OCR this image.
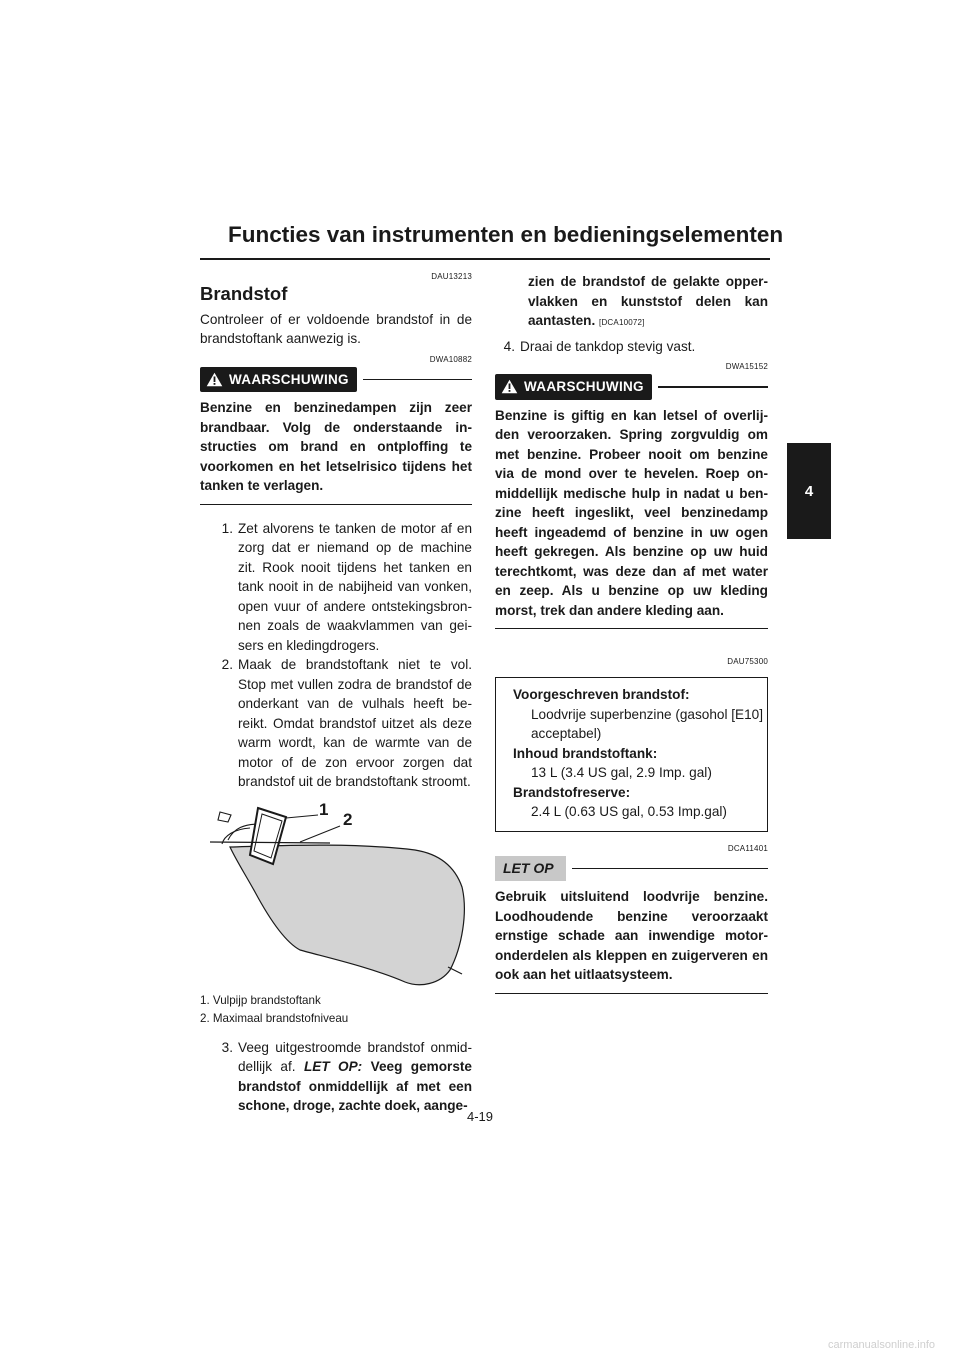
Functies van instrumenten en bedieningselementen
4
DAU13213
Brandstof

Controleer of er voldoende brandstof in de brandstoftank aanwezig is.

DWA10882
WAARSCHUWING
Benzine en benzinedampen zijn zeer brandbaar. Volg de onderstaande in-structies om brand en ontploffing te voorkomen en het letselrisico tijdens het tanken te verlagen.
1. Zet alvorens te tanken de motor af en zorg dat er niemand op de machine zit. Rook nooit tijdens het tanken en tank nooit in de nabijheid van vonken, open vuur of andere ontstekingsbron-nen zoals de waakvlammen van gei-sers en kledingdrogers.
2. Maak de brandstoftank niet te vol. Stop met vullen zodra de brandstof de onderkant van de vulhals heeft be-reikt. Omdat brandstof uitzet als deze warm wordt, kan de warmte van de motor of de zon ervoor zorgen dat brandstof uit de brandstoftank stroomt.
1
2
1. Vulpijp brandstoftank
2. Maximaal brandstofniveau
3. Veeg uitgestroomde brandstof onmid-dellijk af. LET OP: Veeg gemorste brandstof onmiddellijk af met een schone, droge, zachte doek, aange-
zien de brandstof de gelakte opper-vlakken en kunststof delen kan aantasten. [DCA10072]
4. Draai de tankdop stevig vast.
DWA15152
WAARSCHUWING
Benzine is giftig en kan letsel of overlij-den veroorzaken. Spring zorgvuldig om met benzine. Probeer nooit om benzine via de mond over te hevelen. Roep on-middellijk medische hulp in nadat u ben-zine heeft ingeslikt, veel benzinedamp heeft ingeademd of benzine in uw ogen heeft gekregen. Als benzine op uw huid terechtkomt, was deze dan af met water en zeep. Als u benzine op uw kleding morst, trek dan andere kleding aan.
DAU75300
Voorgeschreven brandstof:
Loodvrije superbenzine (gasohol [E10] acceptabel)
Inhoud brandstoftank:
13 L (3.4 US gal, 2.9 Imp. gal)
Brandstofreserve:
2.4 L (0.63 US gal, 0.53 Imp.gal)
DCA11401
LET OP
Gebruik uitsluitend loodvrije benzine. Loodhoudende benzine veroorzaakt ernstige schade aan inwendige motor-onderdelen als kleppen en zuigerveren en ook aan het uitlaatsysteem.
4-19
carmanualsonline.info
